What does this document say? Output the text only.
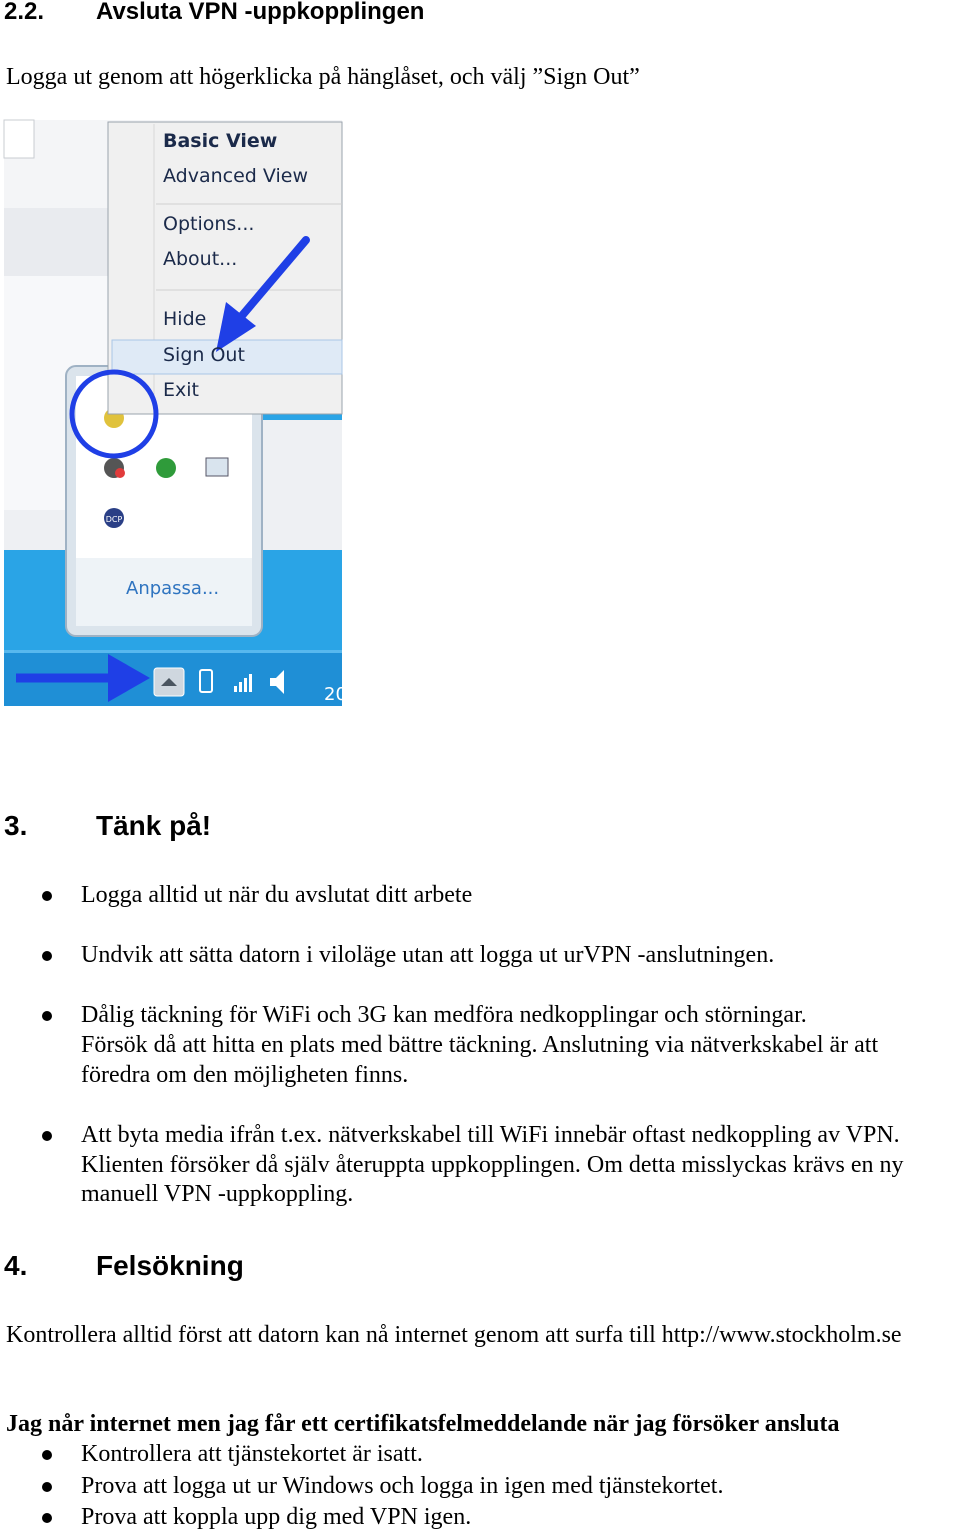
2.2. Avsluta VPN -uppkopplingen
Logga ut genom att högerklicka på hänglåset, och välj ”Sign Out”
DCP
Basic View
Advanced View
Options...
About...
Hide
Sign Out
Exit
Anpassa...
20
3. Tänk på!
Logga alltid ut när du avslutat ditt arbete
Undvik att sätta datorn i viloläge utan att logga ut urVPN -anslutningen.
Dålig täckning för WiFi och 3G kan medföra nedkopplingar och störningar.
Försök då att hitta en plats med bättre täckning. Anslutning via nätverkskabel är att
föredra om den möjligheten finns.
Att byta media ifrån t.ex. nätverkskabel till WiFi innebär oftast nedkoppling av VPN.
Klienten försöker då själv återuppta uppkopplingen. Om detta misslyckas krävs en ny
manuell VPN -uppkoppling.
4. Felsökning
Kontrollera alltid först att datorn kan nå internet genom att surfa till http://www.stockholm.se
Jag når internet men jag får ett certifikatsfelmeddelande när jag försöker ansluta
Kontrollera att tjänstekortet är isatt.
Prova att logga ut ur Windows och logga in igen med tjänstekortet.
Prova att koppla upp dig med VPN igen.
